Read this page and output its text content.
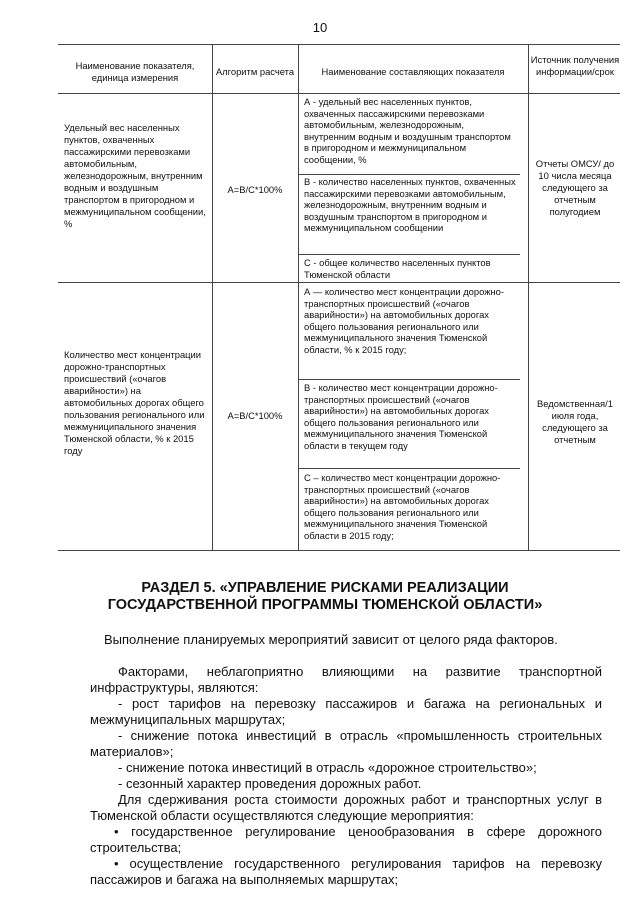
10
Наименование показателя, единица измерения
Алгоритм расчета	Наименование составляющих показателя
Источник получения информации/срок
Удельный вес населенных пунктов, охваченных пассажирскими перевозками автомобильным, железнодорожным, внутренним водным и воздушным транспортом в пригородном и межмуниципальном сообщении, %
А=В/С*100%
Отчеты ОМСУ/ до 10 числа месяца следующего за отчетным полугодием
А - удельный вес населенных пунктов, охваченных пассажирскими перевозками автомобильным, железнодорожным, внутренним водным и воздушным транспортом в пригородном и межмуниципальном сообщении, %
В - количество населенных пунктов, охваченных пассажирскими перевозками автомобильным, железнодорожным, внутренним водным и воздушным транспортом в пригородном и межмуниципальном сообщении
С - общее количество населенных пунктов Тюменской области
Количество мест концентрации дорожно-транспортных происшествий («очагов аварийности») на автомобильных дорогах общего пользования регионального или межмуниципального значения Тюменской области, % к 2015 году
А=В/С*100%
Ведомственная/1 июля года, следующего за отчетным
А — количество мест концентрации дорожно-транспортных происшествий («очагов аварийности») на автомобильных дорогах общего пользования регионального или межмуниципального значения Тюменской области, % к 2015 году;
В - количество мест концентрации дорожно-транспортных происшествий («очагов аварийности») на автомобильных дорогах общего пользования регионального или межмуниципального значения Тюменской области в текущем году
С – количество мест концентрации дорожно-транспортных происшествий («очагов аварийности») на автомобильных дорогах общего пользования регионального или межмуниципального значения Тюменской области в 2015 году;
РАЗДЕЛ 5. «УПРАВЛЕНИЕ РИСКАМИ РЕАЛИЗАЦИИ
ГОСУДАРСТВЕННОЙ ПРОГРАММЫ ТЮМЕНСКОЙ ОБЛАСТИ»
Выполнение планируемых мероприятий зависит от целого ряда факторов.
Факторами, неблагоприятно влияющими на развитие транспортной инфраструктуры, являются:
- рост тарифов на перевозку пассажиров и багажа на региональных и межмуниципальных маршрутах;
- снижение потока инвестиций в отрасль «промышленность строительных материалов»;
- снижение потока инвестиций в отрасль «дорожное строительство»;
- сезонный характер проведения дорожных работ.
Для сдерживания роста стоимости дорожных работ и транспортных услуг в Тюменской области осуществляются следующие мероприятия:
• государственное регулирование ценообразования в сфере дорожного строительства;
• осуществление государственного регулирования тарифов на перевозку пассажиров и багажа на выполняемых маршрутах;
